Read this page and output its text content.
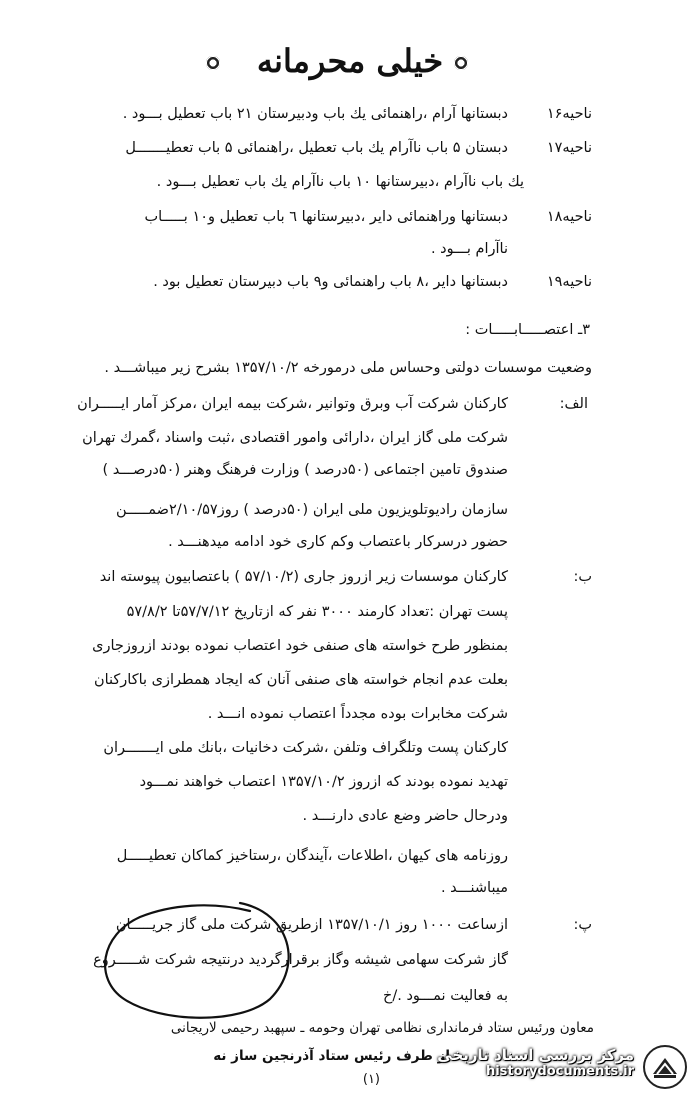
خیلی محرمانه
ناحیه۱۶
دبستانها آرام ،راهنمائی یك باب ودبیرستان ۲۱ باب تعطیل بـــود .
ناحیه۱۷
دبستان ۵ باب ناآرام یك باب تعطیل ،راهنمائی ۵ باب تعطیـــــــل
یك باب ناآرام ،دبیرستانها ۱۰ باب ناآرام یك باب تعطیل بـــود .
ناحیه۱۸
دبستانها وراهنمائی دایر ،دبیرستانها ٦ باب تعطیل و۱۰ بـــــاب
ناآرام بـــود .
ناحیه۱۹
دبستانها دایر ،۸ باب راهنمائی و۹ باب دبیرستان تعطیل بود .
۳ـ اعتصـــــابـــــات :
وضعیت موسسات دولتی وحساس ملی درمورخه ۱۳۵۷/۱۰/۲ بشرح زیر میباشـــد .
الف:
کارکنان شرکت آب وبرق وتوانیر ،شرکت بیمه ایران ،مرکز آمار ایـــــران
شرکت ملی گاز ایران ،دارائی وامور اقتصادی ،ثبت واسناد ،گمرك تهران
صندوق تامین اجتماعی (۵۰درصد ) وزارت فرهنگ وهنر (۵۰درصـــد )
سازمان رادیوتلویزیون ملی ایران (۵۰درصد ) روز۲/۱۰/۵۷ضمـــــن
حضور درسرکار باعتصاب وکم کاری خود ادامه میدهنـــد .
ب:
کارکنان موسسات زیر ازروز جاری (۵۷/۱۰/۲ ) باعتصابیون پیوسته اند
پست تهران :تعداد کارمند ۳۰۰۰ نفر که ازتاریخ ۵۷/۷/۱۲تا ۵۷/۸/۲
بمنظور طرح خواسته های صنفی خود اعتصاب نموده بودند ازروزجاری
بعلت عدم انجام خواسته های صنفی آنان که ایجاد همطرازی باکارکنان
شرکت مخابرات بوده مجدداً اعتصاب نموده انـــد .
کارکنان پست وتلگراف وتلفن ،شرکت دخانیات ،بانك ملی ایـــــــران
تهدید نموده بودند که ازروز ۱۳۵۷/۱۰/۲ اعتصاب خواهند نمـــود
ودرحال حاضر وضع عادی دارنـــد .
روزنامه های کیهان ،اطلاعات ،آیندگان ،رستاخیز کماکان تعطیـــــل
میباشنـــد .
پ:
ازساعت ۱۰۰۰ روز ۱۳۵۷/۱۰/۱ ازطریق شرکت ملی گاز جریـــــان
گاز شرکت سهامی شیشه وگاز برقرارگردید درنتیجه شرکت شـــــروع
به فعالیت نمـــود ./خ
معاون ورئیس ستاد فرمانداری نظامی تهران وحومه ـ سپهبد رحیمی لاریجانی
از طرف رئیس ستاد آذرنجین ساز نه
(۱)
مرکز بررسی اسناد تاریخی
historydocuments.ir
